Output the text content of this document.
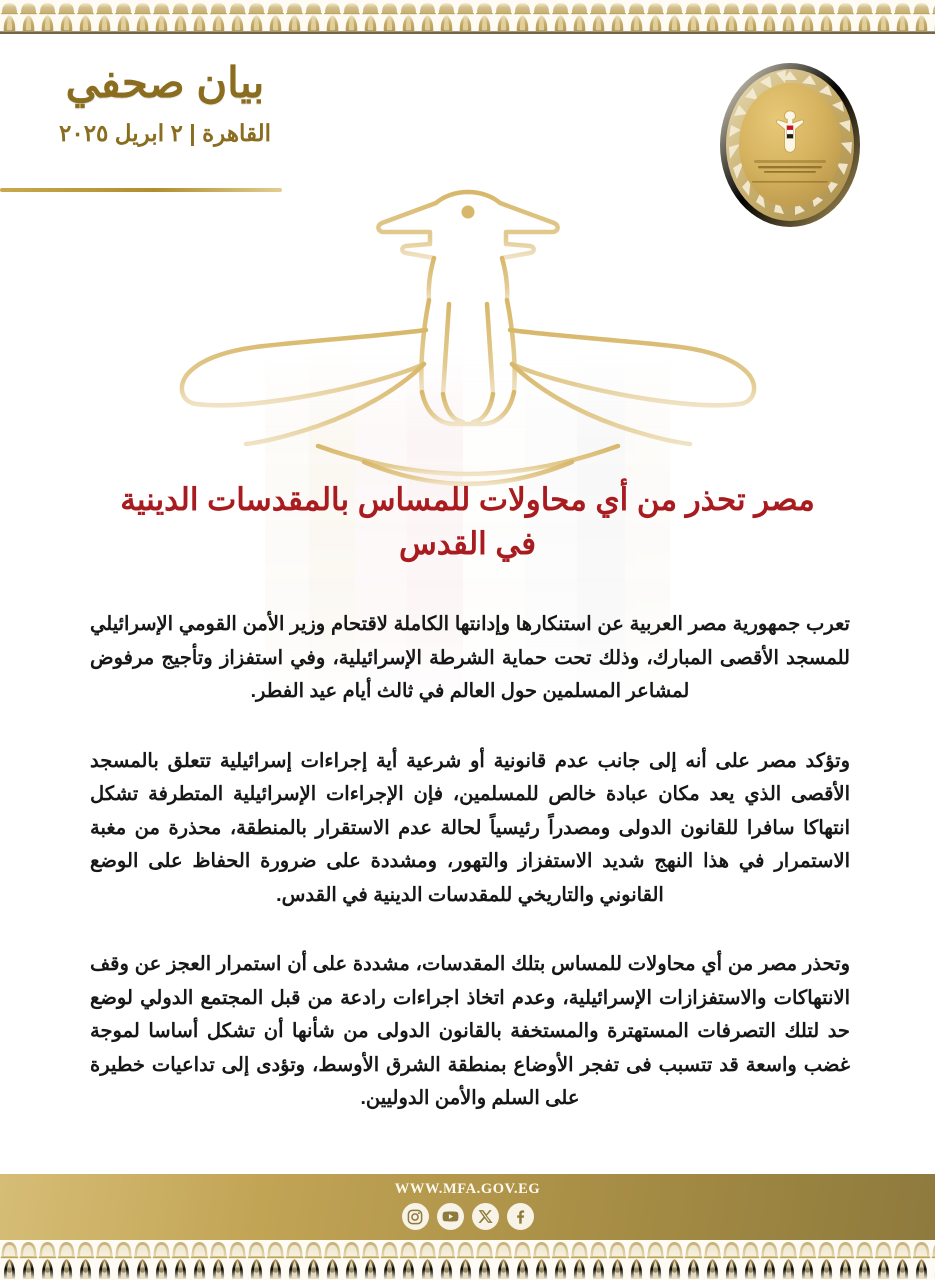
بيان صحفي
القاهرة | ٢ ابريل ٢٠٢٥
مصر تحذر من أي محاولات للمساس بالمقدسات الدينية في القدس

تعرب جمهورية مصر العربية عن استنكارها وإدانتها الكاملة لاقتحام وزير الأمن القومي الإسرائيلي للمسجد الأقصى المبارك، وذلك تحت حماية الشرطة الإسرائيلية، وفي استفزاز وتأجيج مرفوض لمشاعر المسلمين حول العالم في ثالث أيام عيد الفطر.

وتؤكد مصر على أنه إلى جانب عدم قانونية أو شرعية أية إجراءات إسرائيلية تتعلق بالمسجد الأقصى الذي يعد مكان عبادة خالص للمسلمين، فإن الإجراءات الإسرائيلية المتطرفة تشكل انتهاكا سافرا للقانون الدولى ومصدراً رئيسياً لحالة عدم الاستقرار بالمنطقة، محذرة من مغبة الاستمرار في هذا النهج شديد الاستفزاز والتهور، ومشددة على ضرورة الحفاظ على الوضع القانوني والتاريخي للمقدسات الدينية في القدس.

وتحذر مصر من أي محاولات للمساس بتلك المقدسات، مشددة على أن استمرار العجز عن وقف الانتهاكات والاستفزازات الإسرائيلية، وعدم اتخاذ اجراءات رادعة من قبل المجتمع الدولي لوضع حد لتلك التصرفات المستهترة والمستخفة بالقانون الدولى من شأنها أن تشكل أساسا لموجة غضب واسعة قد تتسبب فى تفجر الأوضاع بمنطقة الشرق الأوسط، وتؤدى إلى تداعيات خطيرة على السلم والأمن الدوليين.

WWW.MFA.GOV.EG
